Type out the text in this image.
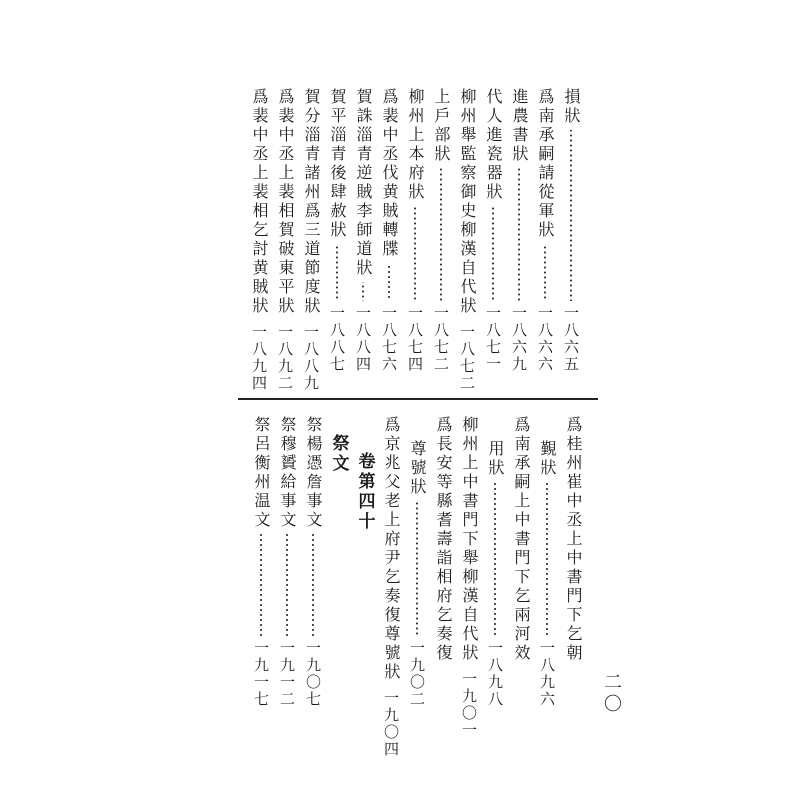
損狀
一八六五
爲南承嗣請從軍狀
一八六六
進農書狀
一八六九
代人進瓷器狀
一八七一
柳州舉監察御史柳漢自代狀
一八七二
上戶部狀
一八七二
柳州上本府狀
一八七四
爲裴中丞伐黄賊轉牒
一八七六
賀誅淄青逆賊李師道狀
一八八四
賀平淄青後肆赦狀
一八八七
賀分淄青諸州爲三道節度狀
一八八九
爲裴中丞上裴相賀破東平狀
一八九二
爲裴中丞上裴相乞討黄賊狀
一八九四
爲桂州崔中丞上中書門下乞朝
覲狀
一八九六
爲南承嗣上中書門下乞兩河效
用狀
一八九八
柳州上中書門下舉柳漢自代狀
一九〇一
爲長安等縣耆壽詣相府乞奏復
尊號狀
一九〇二
爲京兆父老上府尹乞奏復尊號狀
一九〇四
卷第四十
祭文
祭楊憑詹事文
一九〇七
祭穆贇給事文
一九一二
祭呂衡州温文
一九一七	二〇
